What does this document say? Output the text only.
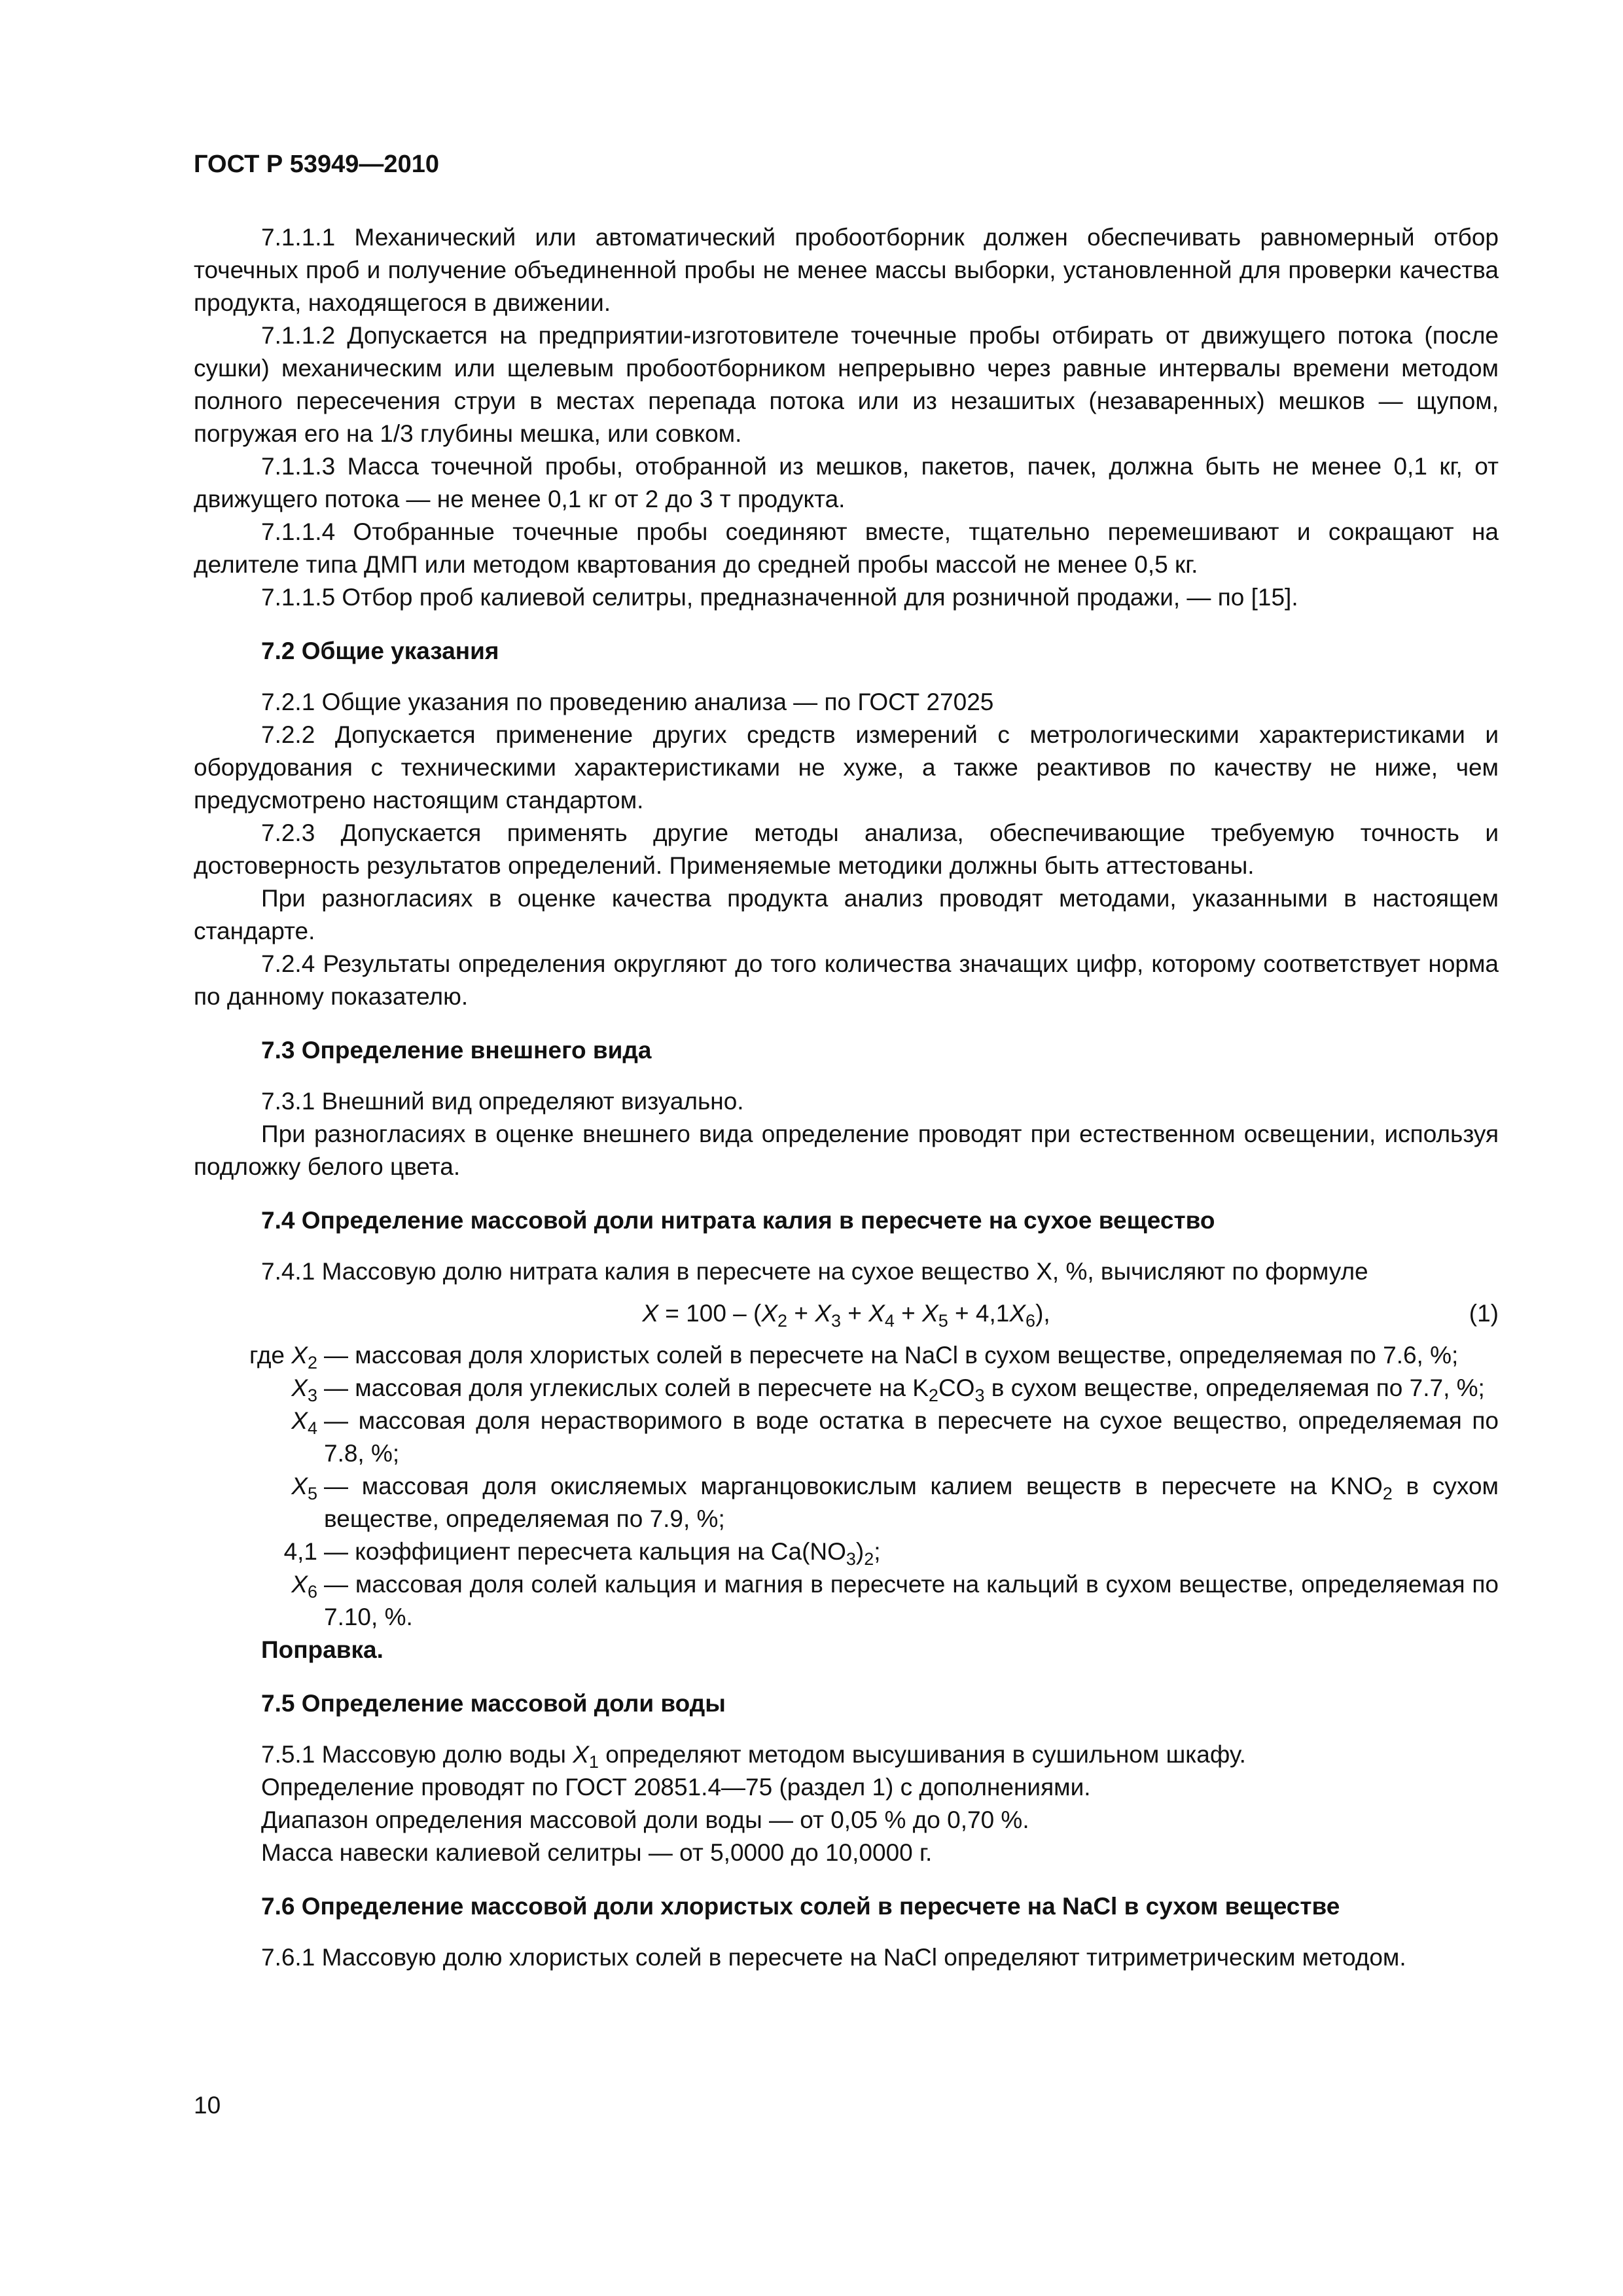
ГОСТ Р 53949—2010

7.1.1.1 Механический или автоматический пробоотборник должен обеспечивать равномерный отбор точечных проб и получение объединенной пробы не менее массы выборки, установленной для проверки качества продукта, находящегося в движении.

7.1.1.2 Допускается на предприятии-изготовителе точечные пробы отбирать от движущего потока (после сушки) механическим или щелевым пробоотборником непрерывно через равные интервалы времени методом полного пересечения струи в местах перепада потока или из незашитых (незаваренных) мешков — щупом, погружая его на 1/3 глубины мешка, или совком.

7.1.1.3 Масса точечной пробы, отобранной из мешков, пакетов, пачек, должна быть не менее 0,1 кг, от движущего потока — не менее 0,1 кг от 2 до 3 т продукта.

7.1.1.4 Отобранные точечные пробы соединяют вместе, тщательно перемешивают и сокращают на делителе типа ДМП или методом квартования до средней пробы массой не менее 0,5 кг.

7.1.1.5 Отбор проб калиевой селитры, предназначенной для розничной продажи, — по [15].

7.2 Общие указания

7.2.1 Общие указания по проведению анализа — по ГОСТ 27025

7.2.2 Допускается применение других средств измерений с метрологическими характеристиками и оборудования с техническими характеристиками не хуже, а также реактивов по качеству не ниже, чем предусмотрено настоящим стандартом.

7.2.3 Допускается применять другие методы анализа, обеспечивающие требуемую точность и достоверность результатов определений. Применяемые методики должны быть аттестованы.

При разногласиях в оценке качества продукта анализ проводят методами, указанными в настоящем стандарте.

7.2.4 Результаты определения округляют до того количества значащих цифр, которому соответствует норма по данному показателю.

7.3 Определение внешнего вида

7.3.1 Внешний вид определяют визуально.

При разногласиях в оценке внешнего вида определение проводят при естественном освещении, используя подложку белого цвета.

7.4 Определение массовой доли нитрата калия в пересчете на сухое вещество

7.4.1 Массовую долю нитрата калия в пересчете на сухое вещество X, %, вычисляют по формуле

$X = 100 - (X_2 + X_3 + X_4 + X_5 + 4,1X_6)$,	(1)
где $X_2$ — массовая доля хлористых солей в пересчете на NaCl в сухом веществе, определяемая по 7.6, %;
$X_3$ — массовая доля углекислых солей в пересчете на $K_2CO_3$ в сухом веществе, определяемая по 7.7, %;
$X_4$ — массовая доля нерастворимого в воде остатка в пересчете на сухое вещество, определяемая по 7.8, %;
$X_5$ — массовая доля окисляемых марганцовокислым калием веществ в пересчете на $KNO_2$ в сухом веществе, определяемая по 7.9, %;
4,1 — коэффициент пересчета кальция на $Ca(NO_3)_2$;
$X_6$ — массовая доля солей кальция и магния в пересчете на кальций в сухом веществе, определяемая по 7.10, %.

Поправка.

7.5 Определение массовой доли воды

7.5.1 Массовую долю воды $X_1$ определяют методом высушивания в сушильном шкафу.

Определение проводят по ГОСТ 20851.4—75 (раздел 1) с дополнениями.

Диапазон определения массовой доли воды — от 0,05 % до 0,70 %.

Масса навески калиевой селитры — от 5,0000 до 10,0000 г.

7.6 Определение массовой доли хлористых солей в пересчете на NaCl в сухом веществе

7.6.1 Массовую долю хлористых солей в пересчете на NaCl определяют титриметрическим методом.

10
